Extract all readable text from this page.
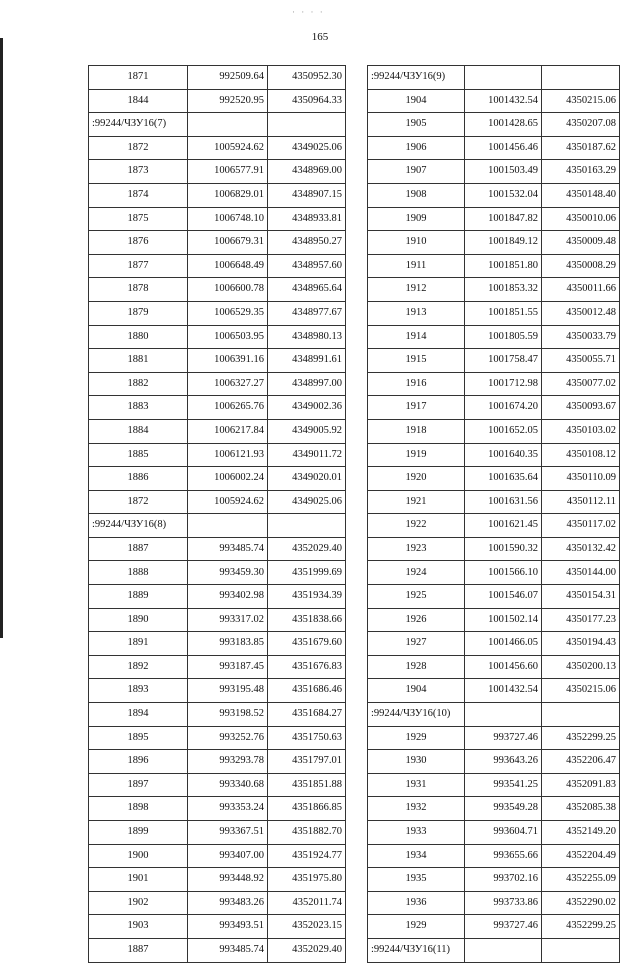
· · · ·
165
1871	992509.64	4350952.30
1844	992520.95	4350964.33
:99244/ЧЗУ16(7)		
1872	1005924.62	4349025.06
1873	1006577.91	4348969.00
1874	1006829.01	4348907.15
1875	1006748.10	4348933.81
1876	1006679.31	4348950.27
1877	1006648.49	4348957.60
1878	1006600.78	4348965.64
1879	1006529.35	4348977.67
1880	1006503.95	4348980.13
1881	1006391.16	4348991.61
1882	1006327.27	4348997.00
1883	1006265.76	4349002.36
1884	1006217.84	4349005.92
1885	1006121.93	4349011.72
1886	1006002.24	4349020.01
1872	1005924.62	4349025.06
:99244/ЧЗУ16(8)		
1887	993485.74	4352029.40
1888	993459.30	4351999.69
1889	993402.98	4351934.39
1890	993317.02	4351838.66
1891	993183.85	4351679.60
1892	993187.45	4351676.83
1893	993195.48	4351686.46
1894	993198.52	4351684.27
1895	993252.76	4351750.63
1896	993293.78	4351797.01
1897	993340.68	4351851.88
1898	993353.24	4351866.85
1899	993367.51	4351882.70
1900	993407.00	4351924.77
1901	993448.92	4351975.80
1902	993483.26	4352011.74
1903	993493.51	4352023.15
1887	993485.74	4352029.40
:99244/ЧЗУ16(9)		
1904	1001432.54	4350215.06
1905	1001428.65	4350207.08
1906	1001456.46	4350187.62
1907	1001503.49	4350163.29
1908	1001532.04	4350148.40
1909	1001847.82	4350010.06
1910	1001849.12	4350009.48
1911	1001851.80	4350008.29
1912	1001853.32	4350011.66
1913	1001851.55	4350012.48
1914	1001805.59	4350033.79
1915	1001758.47	4350055.71
1916	1001712.98	4350077.02
1917	1001674.20	4350093.67
1918	1001652.05	4350103.02
1919	1001640.35	4350108.12
1920	1001635.64	4350110.09
1921	1001631.56	4350112.11
1922	1001621.45	4350117.02
1923	1001590.32	4350132.42
1924	1001566.10	4350144.00
1925	1001546.07	4350154.31
1926	1001502.14	4350177.23
1927	1001466.05	4350194.43
1928	1001456.60	4350200.13
1904	1001432.54	4350215.06
:99244/ЧЗУ16(10)		
1929	993727.46	4352299.25
1930	993643.26	4352206.47
1931	993541.25	4352091.83
1932	993549.28	4352085.38
1933	993604.71	4352149.20
1934	993655.66	4352204.49
1935	993702.16	4352255.09
1936	993733.86	4352290.02
1929	993727.46	4352299.25
:99244/ЧЗУ16(11)		
